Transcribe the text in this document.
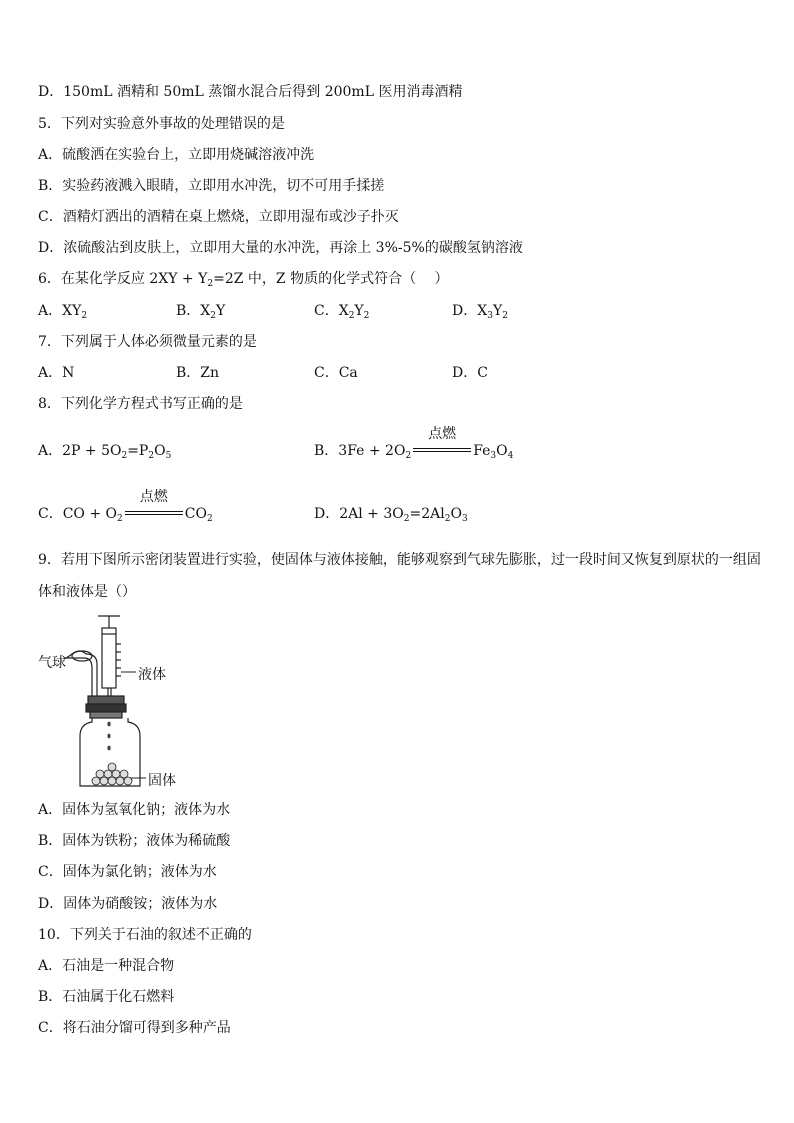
D．150mL 酒精和 50mL 蒸馏水混合后得到 200mL 医用消毒酒精
5．下列对实验意外事故的处理错误的是
A．硫酸洒在实验台上，立即用烧碱溶液冲洗
B．实验药液溅入眼睛，立即用水冲洗，切不可用手揉搓
C．酒精灯洒出的酒精在桌上燃烧，立即用湿布或沙子扑灭
D．浓硫酸沾到皮肤上，立即用大量的水冲洗，再涂上 3%-5%的碳酸氢钠溶液
6．在某化学反应 $2XY + Y_2=2Z$ 中，Z 物质的化学式符合（　 ）
A．$XY_2$	B．$X_2Y$	C．$X_2Y_2$	D．$X_3Y_2$
7．下列属于人体必须微量元素的是
A．N	B．Zn	C．Ca	D．C
8．下列化学方程式书写正确的是
A．$2P + 5O_2=P_2O_5$	B．$3Fe + 2O_2$
点燃
$Fe_3O_4$
C．CO + $O_2$
点燃
$CO_2$	D．$2Al + 3O_2=2Al_2O_3$
9．若用下图所示密闭装置进行实验，使固体与液体接触，能够观察到气球先膨胀，过一段时间又恢复到原状的一组固
体和液体是（）
气球
液体
固体
A．固体为氢氧化钠；液体为水
B．固体为铁粉；液体为稀硫酸
C．固体为氯化钠；液体为水
D．固体为硝酸铵；液体为水
10．下列关于石油的叙述不正确的
A．石油是一种混合物
B．石油属于化石燃料
C．将石油分馏可得到多种产品
